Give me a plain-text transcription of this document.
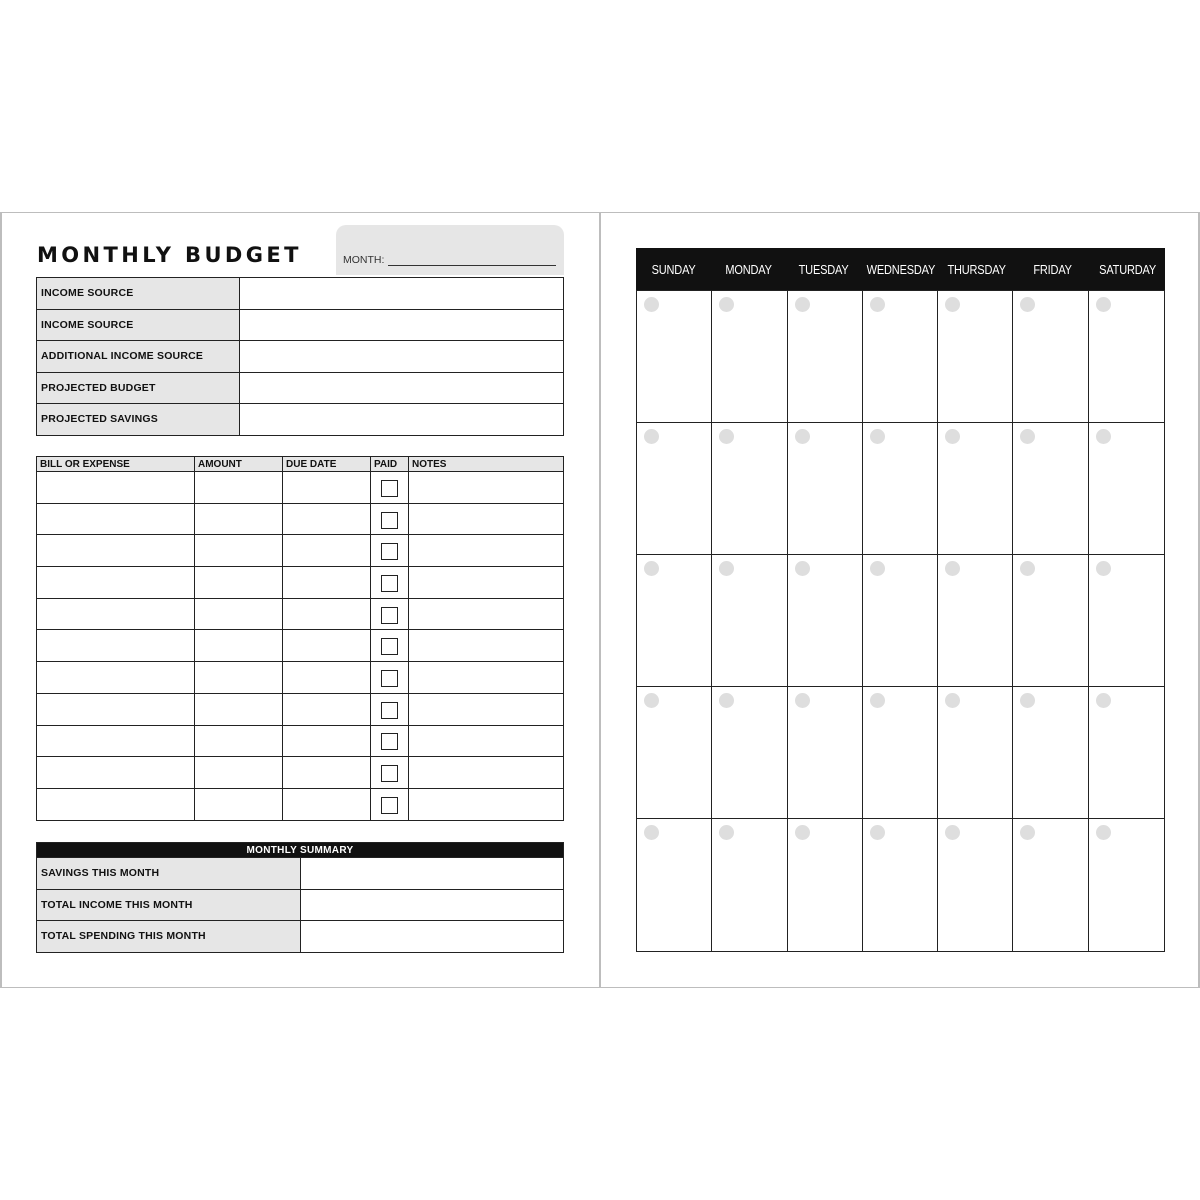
MONTHLY BUDGET	MONTH:
INCOME SOURCE	
INCOME SOURCE	
ADDITIONAL INCOME SOURCE	
PROJECTED BUDGET	
PROJECTED SAVINGS	
BILL OR EXPENSE	AMOUNT	DUE DATE	PAID	NOTES

MONTHLY SUMMARY	
SAVINGS THIS MONTH	
TOTAL INCOME THIS MONTH	
TOTAL SPENDING THIS MONTH	
SUNDAY	MONDAY	TUESDAY	WEDNESDAY	THURSDAY	FRIDAY	SATURDAY
